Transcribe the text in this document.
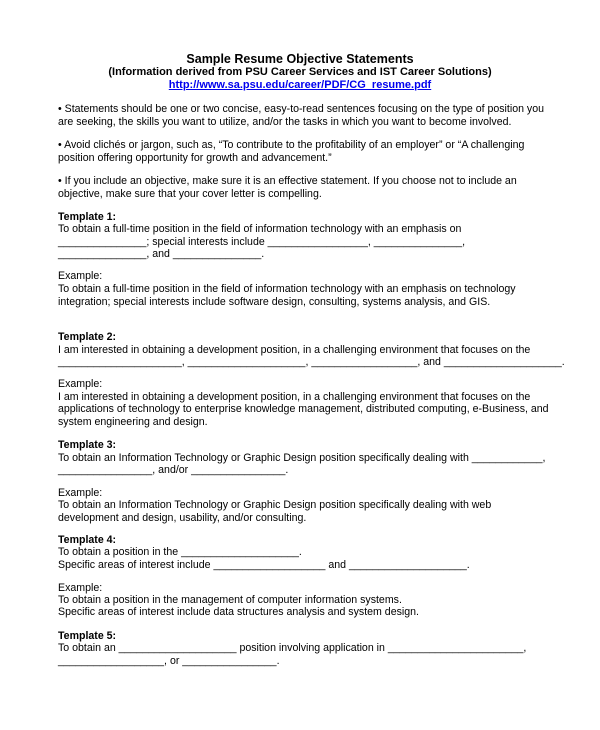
Sample Resume Objective Statements
(Information derived from PSU Career Services and IST Career Solutions)
http://www.sa.psu.edu/career/PDF/CG_resume.pdf
• Statements should be one or two concise, easy-to-read sentences focusing on the type of position you
are seeking, the skills you want to utilize, and/or the tasks in which you want to become involved.
• Avoid clichés or jargon, such as, “To contribute to the profitability of an employer” or “A challenging
position offering opportunity for growth and advancement.”
• If you include an objective, make sure it is an effective statement. If you choose not to include an
objective, make sure that your cover letter is compelling.
Template 1:
To obtain a full-time position in the field of information technology with an emphasis on
_______________; special interests include _________________, _______________,
_______________, and _______________.
Example:
To obtain a full-time position in the field of information technology with an emphasis on technology
integration; special interests include software design, consulting, systems analysis, and GIS.
Template 2:
I am interested in obtaining a development position, in a challenging environment that focuses on the
_____________________, ____________________, __________________, and ____________________.
Example:
I am interested in obtaining a development position, in a challenging environment that focuses on the
applications of technology to enterprise knowledge management, distributed computing, e-Business, and
system engineering and design.
Template 3:
To obtain an Information Technology or Graphic Design position specifically dealing with ____________,
________________, and/or ________________.
Example:
To obtain an Information Technology or Graphic Design position specifically dealing with web
development and design, usability, and/or consulting.
Template 4:
To obtain a position in the ____________________.
Specific areas of interest include ___________________ and ____________________.
Example:
To obtain a position in the management of computer information systems.
Specific areas of interest include data structures analysis and system design.
Template 5:
To obtain an ____________________ position involving application in _______________________,
__________________, or ________________.
